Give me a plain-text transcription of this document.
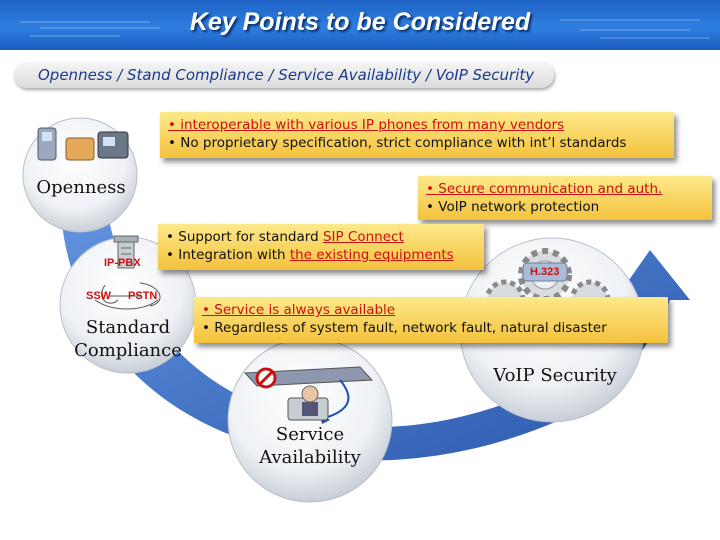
Key Points to be Considered
Openness / Stand Compliance / Service Availability / VoIP Security
IP-PBX
SSW PSTN
H.323
Openness
Standard
Compliance
VoIP Security
Service
Availability
• interoperable with various IP phones from many vendors
• No proprietary specification, strict compliance with int’l standards
• Secure communication and auth.
• VoIP network protection
• Support for standard SIP Connect
• Integration with the existing equipments
• Service is always available
• Regardless of system fault, network fault, natural disaster
